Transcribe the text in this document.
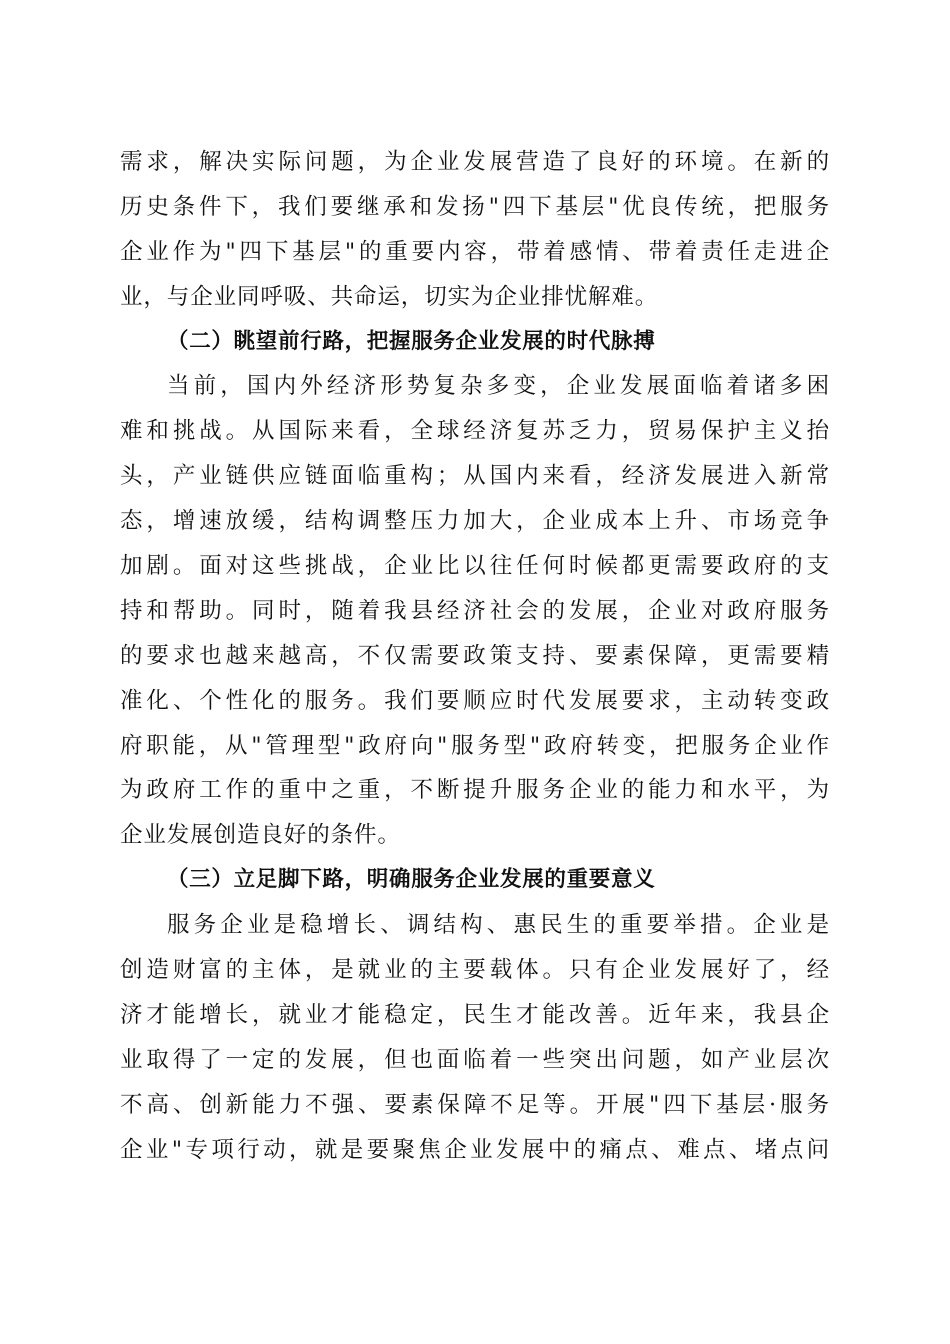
需求，解决实际问题，为企业发展营造了良好的环境。在新的
历史条件下，我们要继承和发扬"四下基层"优良传统，把服务
企业作为"四下基层"的重要内容，带着感情、带着责任走进企
业，与企业同呼吸、共命运，切实为企业排忧解难。
（二）眺望前行路，把握服务企业发展的时代脉搏
当前，国内外经济形势复杂多变，企业发展面临着诸多困
难和挑战。从国际来看，全球经济复苏乏力，贸易保护主义抬
头，产业链供应链面临重构；从国内来看，经济发展进入新常
态，增速放缓，结构调整压力加大，企业成本上升、市场竞争
加剧。面对这些挑战，企业比以往任何时候都更需要政府的支
持和帮助。同时，随着我县经济社会的发展，企业对政府服务
的要求也越来越高，不仅需要政策支持、要素保障，更需要精
准化、个性化的服务。我们要顺应时代发展要求，主动转变政
府职能，从"管理型"政府向"服务型"政府转变，把服务企业作
为政府工作的重中之重，不断提升服务企业的能力和水平，为
企业发展创造良好的条件。
（三）立足脚下路，明确服务企业发展的重要意义
服务企业是稳增长、调结构、惠民生的重要举措。企业是
创造财富的主体，是就业的主要载体。只有企业发展好了，经
济才能增长，就业才能稳定，民生才能改善。近年来，我县企
业取得了一定的发展，但也面临着一些突出问题，如产业层次
不高、创新能力不强、要素保障不足等。开展"四下基层·服务
企业"专项行动，就是要聚焦企业发展中的痛点、难点、堵点问
